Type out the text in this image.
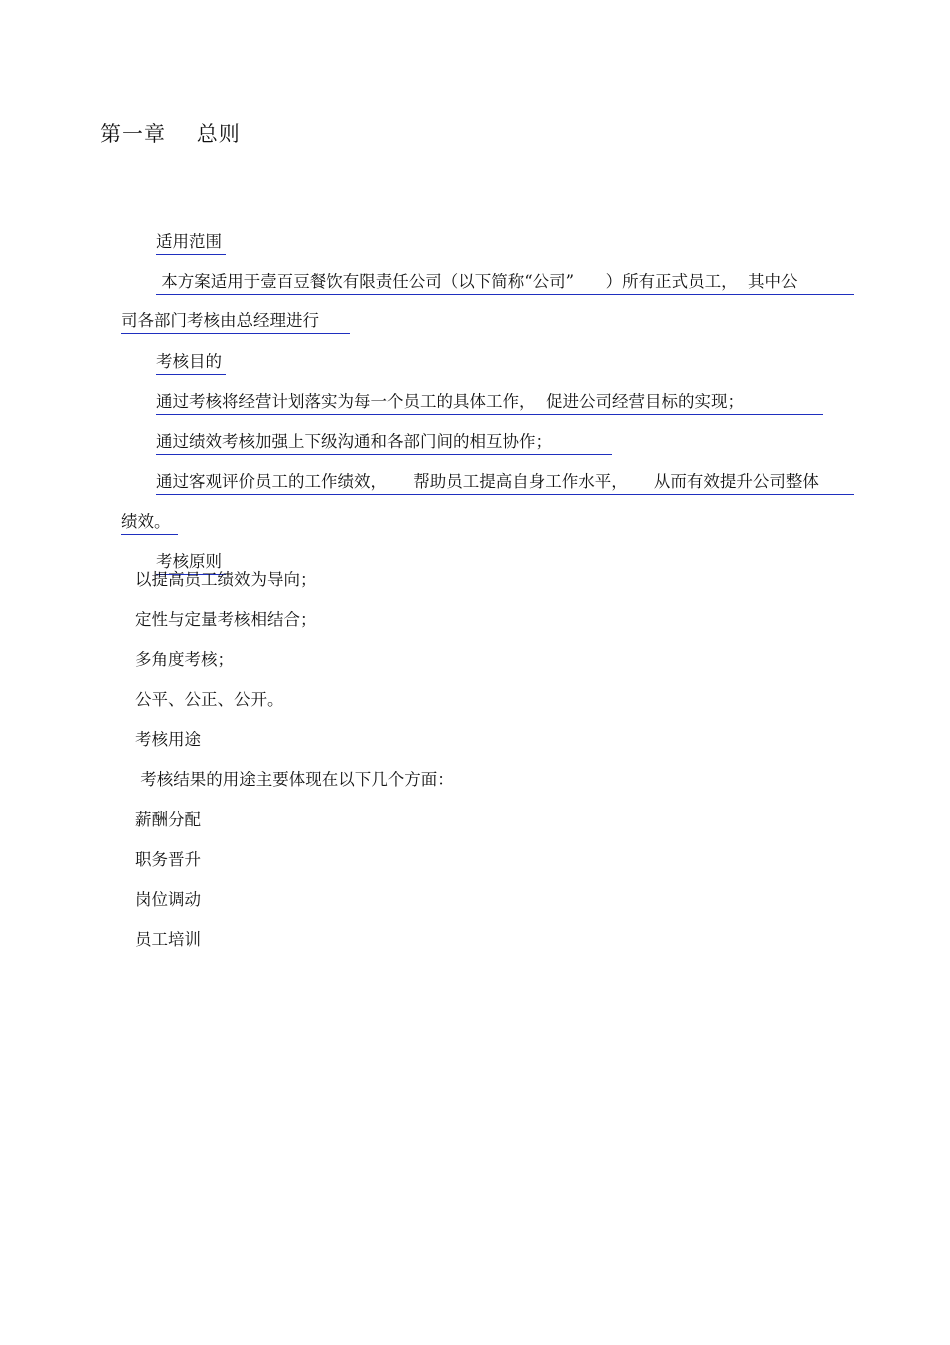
第一章    总则

适用范围

本方案适用于壹百豆餐饮有限责任公司（以下简称“公司”      ）所有正式员工，  其中公

司各部门考核由总经理进行

考核目的

通过考核将经营计划落实为每一个员工的具体工作，  促进公司经营目标的实现；

通过绩效考核加强上下级沟通和各部门间的相互协作；

通过客观评价员工的工作绩效，     帮助员工提高自身工作水平，     从而有效提升公司整体

绩效。

考核原则

以提高员工绩效为导向；
定性与定量考核相结合；
多角度考核；
公平、公正、公开。
考核用途
考核结果的用途主要体现在以下几个方面：
薪酬分配
职务晋升
岗位调动
员工培训
